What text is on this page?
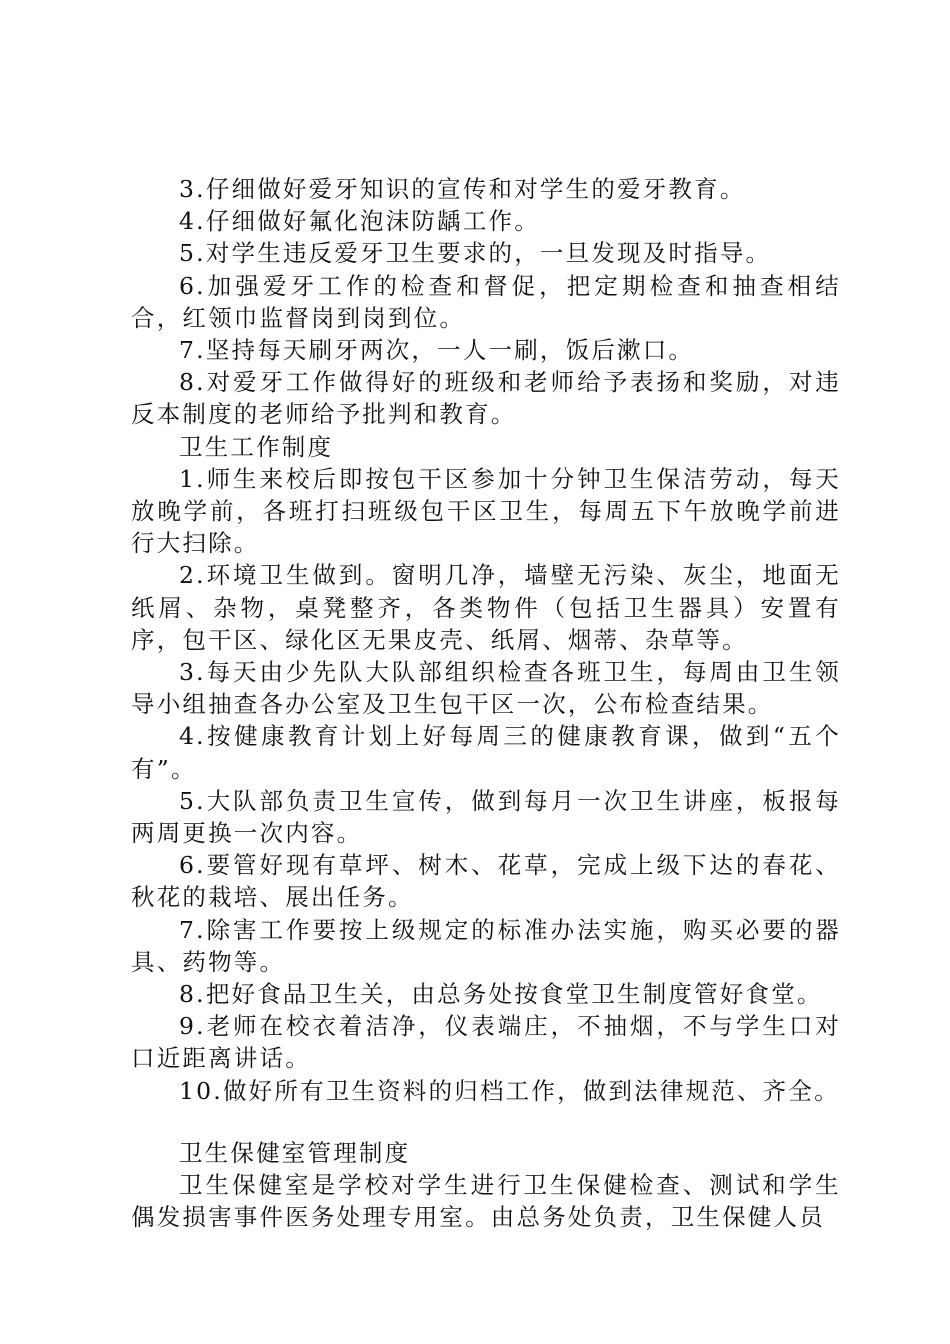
3.仔细做好爱牙知识的宣传和对学生的爱牙教育。

4.仔细做好氟化泡沫防龋工作。

5.对学生违反爱牙卫生要求的，一旦发现及时指导。

6.加强爱牙工作的检查和督促，把定期检查和抽查相结合，红领巾监督岗到岗到位。

7.坚持每天刷牙两次，一人一刷，饭后漱口。

8.对爱牙工作做得好的班级和老师给予表扬和奖励，对违反本制度的老师给予批判和教育。

卫生工作制度

1.师生来校后即按包干区参加十分钟卫生保洁劳动，每天放晚学前，各班打扫班级包干区卫生，每周五下午放晚学前进行大扫除。

2.环境卫生做到。窗明几净，墙壁无污染、灰尘，地面无纸屑、杂物，桌凳整齐，各类物件（包括卫生器具）安置有序，包干区、绿化区无果皮壳、纸屑、烟蒂、杂草等。

3.每天由少先队大队部组织检查各班卫生，每周由卫生领导小组抽查各办公室及卫生包干区一次，公布检查结果。

4.按健康教育计划上好每周三的健康教育课，做到“五个有”。

5.大队部负责卫生宣传，做到每月一次卫生讲座，板报每两周更换一次内容。

6.要管好现有草坪、树木、花草，完成上级下达的春花、秋花的栽培、展出任务。

7.除害工作要按上级规定的标准办法实施，购买必要的器具、药物等。

8.把好食品卫生关，由总务处按食堂卫生制度管好食堂。

9.老师在校衣着洁净，仪表端庄，不抽烟，不与学生口对口近距离讲话。

10.做好所有卫生资料的归档工作，做到法律规范、齐全。

卫生保健室管理制度

卫生保健室是学校对学生进行卫生保健检查、测试和学生偶发损害事件医务处理专用室。由总务处负责，卫生保健人员
